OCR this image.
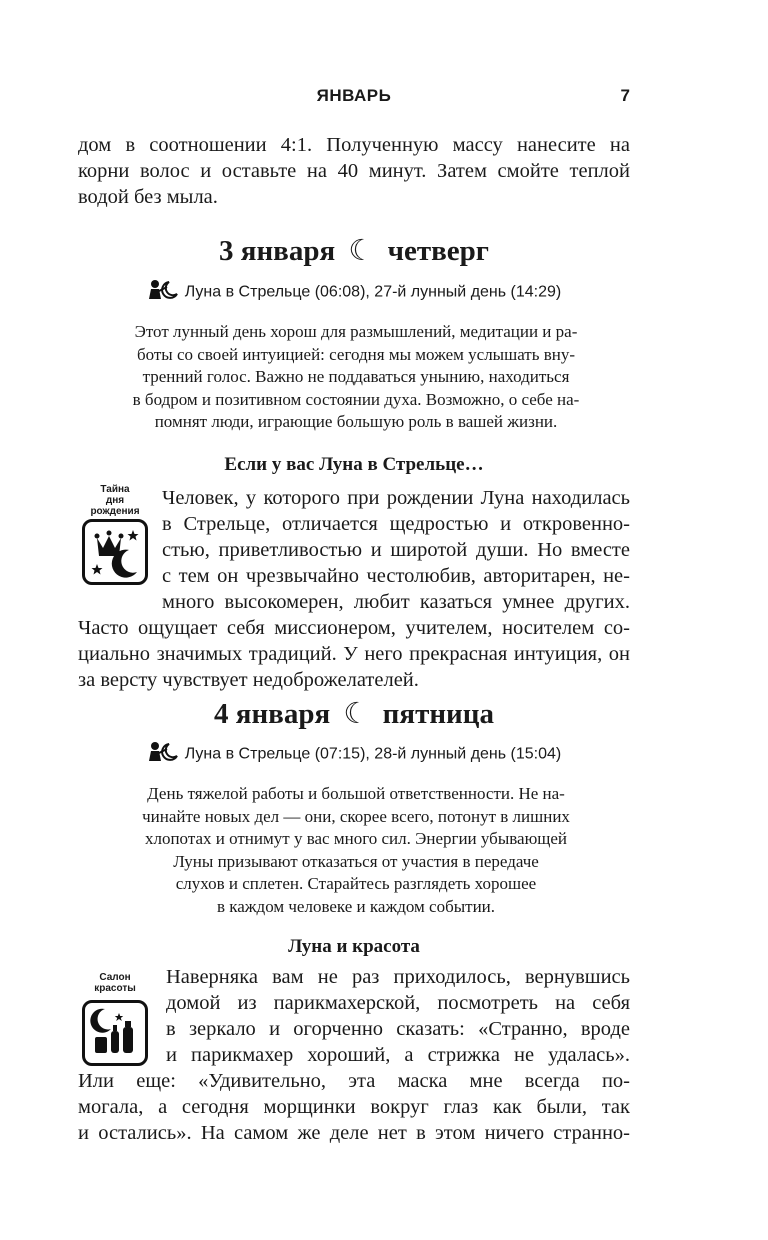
ЯНВАРЬ	7
дом в соотношении 4:1. Полученную массу нанесите на
корни волос и оставьте на 40 минут. Затем смойте теплой
водой без мыла.
3 января ☾ четверг
Луна в Стрельце (06:08), 27-й лунный день (14:29)
Этот лунный день хорош для размышлений, медитации и ра-
боты со своей интуицией: сегодня мы можем услышать вну-
тренний голос. Важно не поддаваться унынию, находиться
в бодром и позитивном состоянии духа. Возможно, о себе на-
помнят люди, играющие большую роль в вашей жизни.
Если у вас Луна в Стрельце…
Тайна
дня
рождения
Человек, у которого при рождении Луна находилась
в Стрельце, отличается щедростью и откровенно-
стью, приветливостью и широтой души. Но вместе
с тем он чрезвычайно честолюбив, авторитарен, не-
много высокомерен, любит казаться умнее других.
Часто ощущает себя миссионером, учителем, носителем со-
циально значимых традиций. У него прекрасная интуиция, он
за версту чувствует недоброжелателей.
4 января ☾ пятница
Луна в Стрельце (07:15), 28-й лунный день (15:04)
День тяжелой работы и большой ответственности. Не на-
чинайте новых дел — они, скорее всего, потонут в лишних
хлопотах и отнимут у вас много сил. Энергии убывающей
Луны призывают отказаться от участия в передаче
слухов и сплетен. Старайтесь разглядеть хорошее
в каждом человеке и каждом событии.
Луна и красота
Салон
красоты
Наверняка вам не раз приходилось, вернувшись
домой из парикмахерской, посмотреть на себя
в зеркало и огорченно сказать: «Странно, вроде
и парикмахер хороший, а стрижка не удалась».
Или еще: «Удивительно, эта маска мне всегда по-
могала, а сегодня морщинки вокруг глаз как были, так
и остались». На самом же деле нет в этом ничего странно-
